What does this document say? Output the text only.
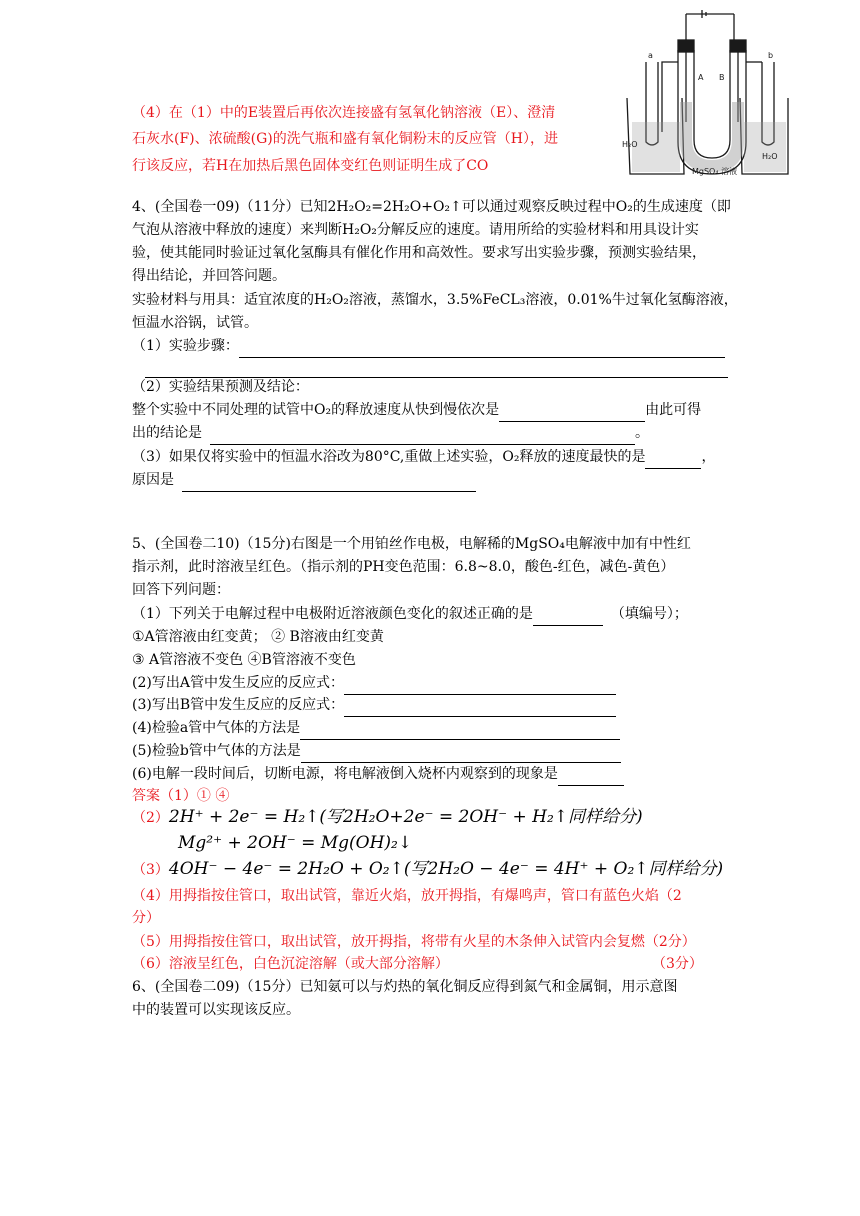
a
A B
b
H₂O
MgSO₄ 溶液
H₂O
（4）在（1）中的E装置后再依次连接盛有氢氧化钠溶液（E）、澄清
石灰水(F)、浓硫酸(G)的洗气瓶和盛有氧化铜粉末的反应管（H），进
行该反应，若H在加热后黑色固体变红色则证明生成了CO
4、(全国卷一09)（11分）已知2H₂O₂=2H₂O+O₂↑可以通过观察反映过程中O₂的生成速度（即
气泡从溶液中释放的速度）来判断H₂O₂分解反应的速度。请用所给的实验材料和用具设计实
验，使其能同时验证过氧化氢酶具有催化作用和高效性。要求写出实验步骤，预测实验结果，
得出结论，并回答问题。
实验材料与用具：适宜浓度的H₂O₂溶液，蒸馏水，3.5%FeCL₃溶液，0.01%牛过氧化氢酶溶液，
恒温水浴锅，试管。
（1）实验步骤：
（2）实验结果预测及结论：
整个实验中不同处理的试管中O₂的释放速度从快到慢依次是	由此可得
出的结论是	。
（3）如果仅将实验中的恒温水浴改为80°C,重做上述实验，O₂释放的速度最快的是	，
原因是
5、(全国卷二10)（15分)右图是一个用铂丝作电极，电解稀的MgSO₄电解液中加有中性红
指示剂，此时溶液呈红色。（指示剂的PH变色范围：6.8~8.0，酸色-红色，减色-黄色）
回答下列问题：
（1）下列关于电解过程中电极附近溶液颜色变化的叙述正确的是	（填编号）；
①A管溶液由红变黄； ② B溶液由红变黄
③ A管溶液不变色 ④B管溶液不变色
(2)写出A管中发生反应的反应式：
(3)写出B管中发生反应的反应式：
(4)检验a管中气体的方法是
(5)检验b管中气体的方法是
(6)电解一段时间后，切断电源，将电解液倒入烧杯内观察到的现象是
答案（1）① ④
（2）2H⁺ + 2e⁻ = H₂↑(写2H₂O+2e⁻ = 2OH⁻ + H₂↑同样给分)
Mg²⁺ + 2OH⁻ = Mg(OH)₂↓
（3）4OH⁻ − 4e⁻ = 2H₂O + O₂↑(写2H₂O − 4e⁻ = 4H⁺ + O₂↑同样给分)
（4）用拇指按住管口，取出试管，靠近火焰，放开拇指，有爆鸣声，管口有蓝色火焰（2
分）
（5）用拇指按住管口，取出试管，放开拇指，将带有火星的木条伸入试管内会复燃（2分）
（6）溶液呈红色，白色沉淀溶解（或大部分溶解）	（3分）
6、(全国卷二09)（15分）已知氨可以与灼热的氧化铜反应得到氮气和金属铜，用示意图
中的装置可以实现该反应。
